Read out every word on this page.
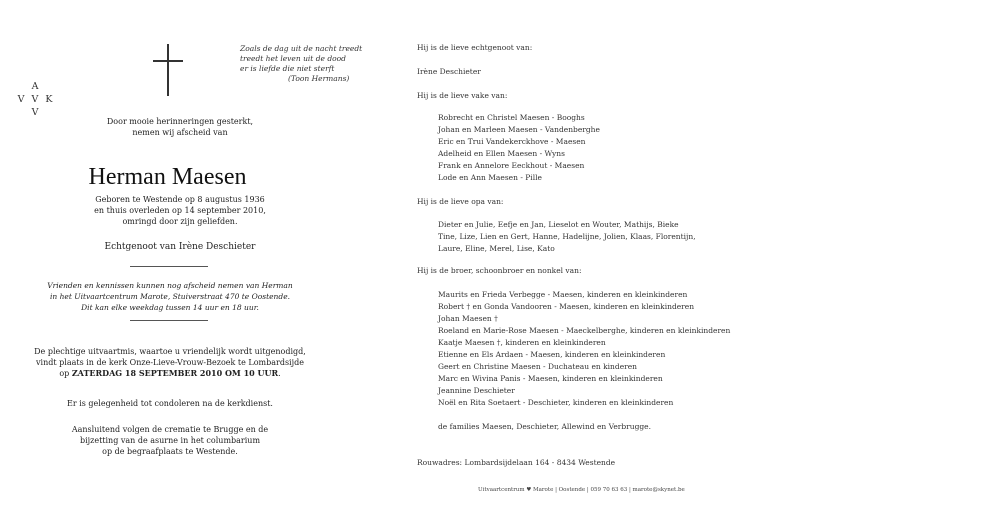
Zoals de dag uit de nacht treedt
treedt het leven uit de dood
er is liefde die niet sterft
(Toon Hermans)
A
V V K
V
Door mooie herinneringen gesterkt,
nemen wij afscheid van
Herman Maesen
Geboren te Westende op 8 augustus 1936
en thuis overleden op 14 september 2010,
omringd door zijn geliefden.
Echtgenoot van Irène Deschieter
Vrienden en kennissen kunnen nog afscheid nemen van Herman
in het Uitvaartcentrum Marote, Stuiverstraat 470 te Oostende.
Dit kan elke weekdag tussen 14 uur en 18 uur.
De plechtige uitvaartmis, waartoe u vriendelijk wordt uitgenodigd,
vindt plaats in de kerk Onze-Lieve-Vrouw-Bezoek te Lombardsijde
op ZATERDAG 18 SEPTEMBER 2010 OM 10 UUR.
Er is gelegenheid tot condoleren na de kerkdienst.
Aansluitend volgen de crematie te Brugge en de
bijzetting van de asurne in het columbarium
op de begraafplaats te Westende.
Hij is de lieve echtgenoot van:
Irène Deschieter
Hij is de lieve vake van:
Robrecht en Christel Maesen - Booghs
Johan en Marleen Maesen - Vandenberghe
Eric en Trui Vandekerckhove - Maesen
Adelheid en Ellen Maesen - Wyns
Frank en Annelore Eeckhout - Maesen
Lode en Ann Maesen - Pille
Hij is de lieve opa van:
Dieter en Julie, Eefje en Jan, Lieselot en Wouter, Mathijs, Bieke
Tine, Lize, Lien en Gert, Hanne, Hadelijne, Jolien, Klaas, Florentijn,
Laure, Eline, Merel, Lise, Kato
Hij is de broer, schoonbroer en nonkel van:
Maurits en Frieda Verbegge - Maesen, kinderen en kleinkinderen
Robert † en Gonda Vandooren - Maesen, kinderen en kleinkinderen
Johan Maesen †
Roeland en Marie-Rose Maesen - Maeckelberghe, kinderen en kleinkinderen
Kaatje Maesen †, kinderen en kleinkinderen
Etienne en Els Ardaen - Maesen, kinderen en kleinkinderen
Geert en Christine Maesen - Duchateau en kinderen
Marc en Wivina Panis - Maesen, kinderen en kleinkinderen
Jeannine Deschieter
Noël en Rita Soetaert - Deschieter, kinderen en kleinkinderen
de families Maesen, Deschieter, Allewind en Verbrugge.
Rouwadres: Lombardsijdelaan 164 - 8434 Westende
Uitvaartcentrum ♥ Marote | Oostende | 059 70 63 63 | marote@skynet.be
